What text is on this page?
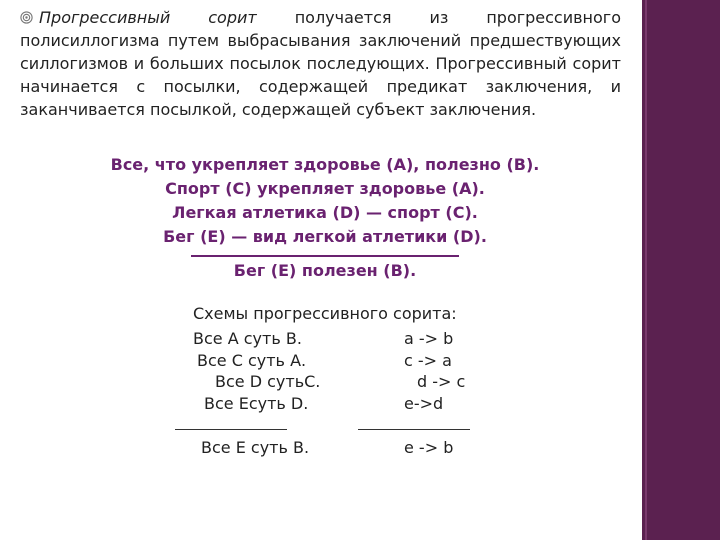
Прогрессивный сорит получается из прогрессивного полисиллогизма путем выбрасывания заключений предшествующих силлогизмов и больших посылок последующих. Прогрессивный сорит начинается с посылки, содержащей предикат заключения, и заканчивается посылкой, содержащей субъект заключения.
Все, что укрепляет здоровье (А), полезно (В).
Спорт (С) укрепляет здоровье (А).
Легкая атлетика (D) — спорт (С).
Бег (Е) — вид легкой атлетики (D).
Бег (Е) полезен (В).
Схемы прогрессивного сорита:
Все А суть В.
Все С суть А.
Все D сутьС.
Все Есуть D.
Все Е суть В.
a -> b
c -> a
d -> c
e->d
e -> b
